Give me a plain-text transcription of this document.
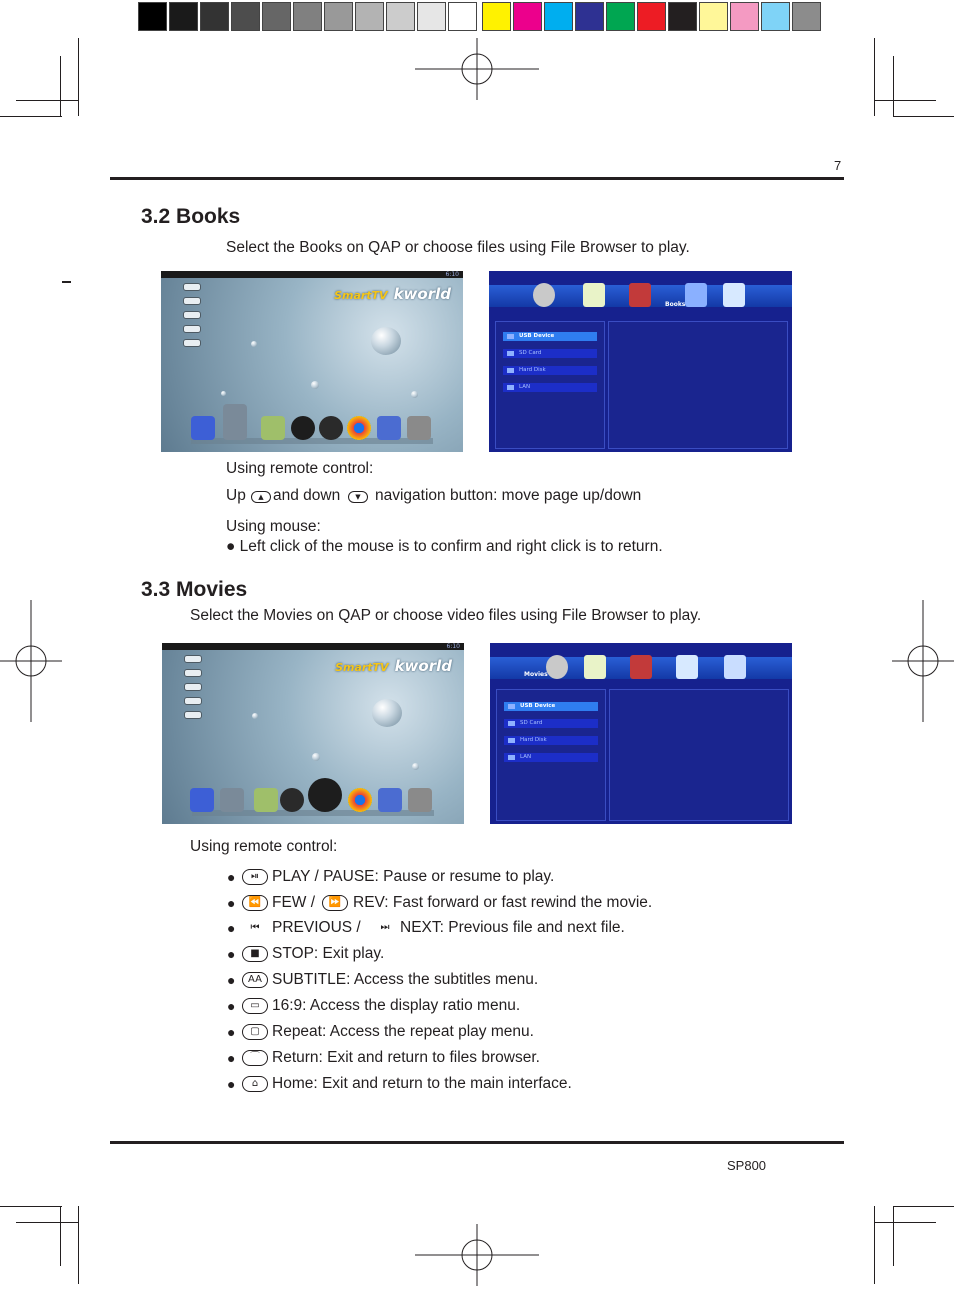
7
3.2 Books
Select the Books on QAP or choose files using File Browser to play.
6:10
SmartTV kworld
Books
USB Device
SD Card
Hard Disk
LAN
Using remote control:
Up	▲ and down	▼ navigation button: move page up/down
Using mouse:
● Left click of the mouse is to confirm and right click is to return.
3.3 Movies
Select the Movies on QAP or choose video files using File Browser to play.
6:10
SmartTV kworld	Movies
USB Device
SD Card
Hard Disk
LAN
Using remote control:
●	⏯ PLAY / PAUSE: Pause or resume to play.
●	⏪ FEW /	⏩ REV: Fast forward or fast rewind the movie.
●	⏮ PREVIOUS /	⏭ NEXT: Previous file and next file.
●	■ STOP: Exit play.
●	AA SUBTITLE: Access the subtitles menu.
●	▭ 16:9: Access the display ratio menu.
●	▢ Repeat: Access the repeat play menu.
●	⌒ Return: Exit and return to files browser.
●	⌂ Home: Exit and return to the main interface.
SP800
